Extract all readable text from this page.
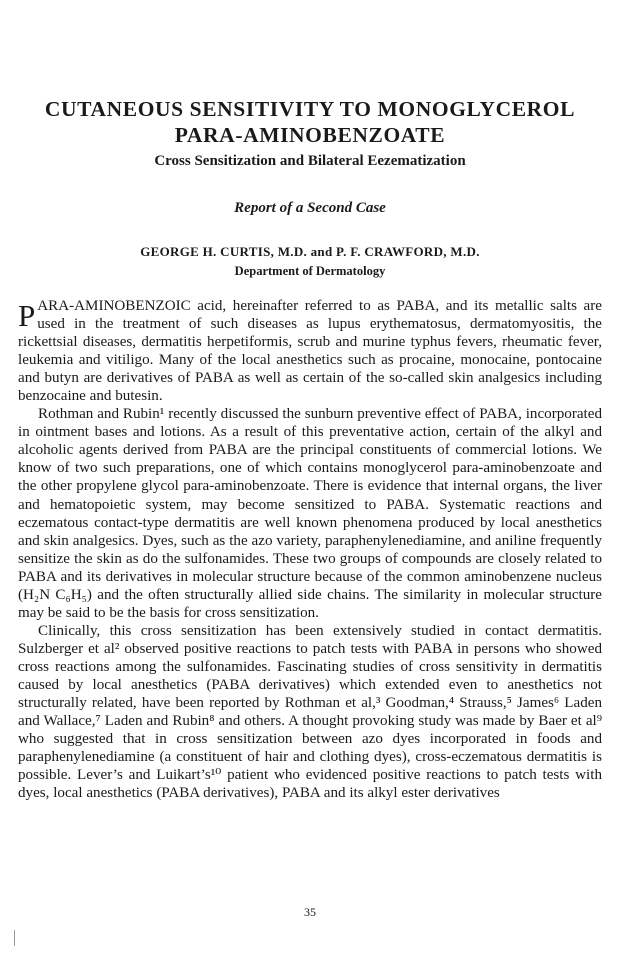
CUTANEOUS SENSITIVITY TO MONOGLYCEROL
PARA-AMINOBENZOATE

Cross Sensitization and Bilateral Eezematization

Report of a Second Case

GEORGE H. CURTIS, M.D. and P. F. CRAWFORD, M.D.

Department of Dermatology

PARA-AMINOBENZOIC acid, hereinafter referred to as PABA, and its metallic salts are used in the treatment of such diseases as lupus erythematosus, dermatomyositis, the rickettsial diseases, dermatitis herpetiformis, scrub and murine typhus fevers, rheumatic fever, leukemia and vitiligo. Many of the local anesthetics such as procaine, monocaine, pontocaine and butyn are derivatives of PABA as well as certain of the so-called skin analgesics including benzocaine and butesin.

Rothman and Rubin¹ recently discussed the sunburn preventive effect of PABA, incorporated in ointment bases and lotions. As a result of this preventative action, certain of the alkyl and alcoholic agents derived from PABA are the principal constituents of commercial lotions. We know of two such preparations, one of which contains monoglycerol para-aminobenzoate and the other propylene glycol para-aminobenzoate. There is evidence that internal organs, the liver and hematopoietic system, may become sensitized to PABA. Systematic reactions and eczematous contact-type dermatitis are well known phenomena produced by local anesthetics and skin analgesics. Dyes, such as the azo variety, paraphenylenediamine, and aniline frequently sensitize the skin as do the sulfonamides. These two groups of compounds are closely related to PABA and its derivatives in molecular structure because of the common aminobenzene nucleus (H₂N C₆H₅) and the often structurally allied side chains. The similarity in molecular structure may be said to be the basis for cross sensitization.

Clinically, this cross sensitization has been extensively studied in contact dermatitis. Sulzberger et al² observed positive reactions to patch tests with PABA in persons who showed cross reactions among the sulfonamides. Fascinating studies of cross sensitivity in dermatitis caused by local anesthetics (PABA derivatives) which extended even to anesthetics not structurally related, have been reported by Rothman et al,³ Goodman,⁴ Strauss,⁵ James⁶ Laden and Wallace,⁷ Laden and Rubin⁸ and others. A thought provoking study was made by Baer et al⁹ who suggested that in cross sensitization between azo dyes incorporated in foods and paraphenylenediamine (a constituent of hair and clothing dyes), cross-eczematous dermatitis is possible. Lever’s and Luikart’s¹⁰ patient who evidenced positive reactions to patch tests with dyes, local anesthetics (PABA derivatives), PABA and its alkyl ester derivatives

35
